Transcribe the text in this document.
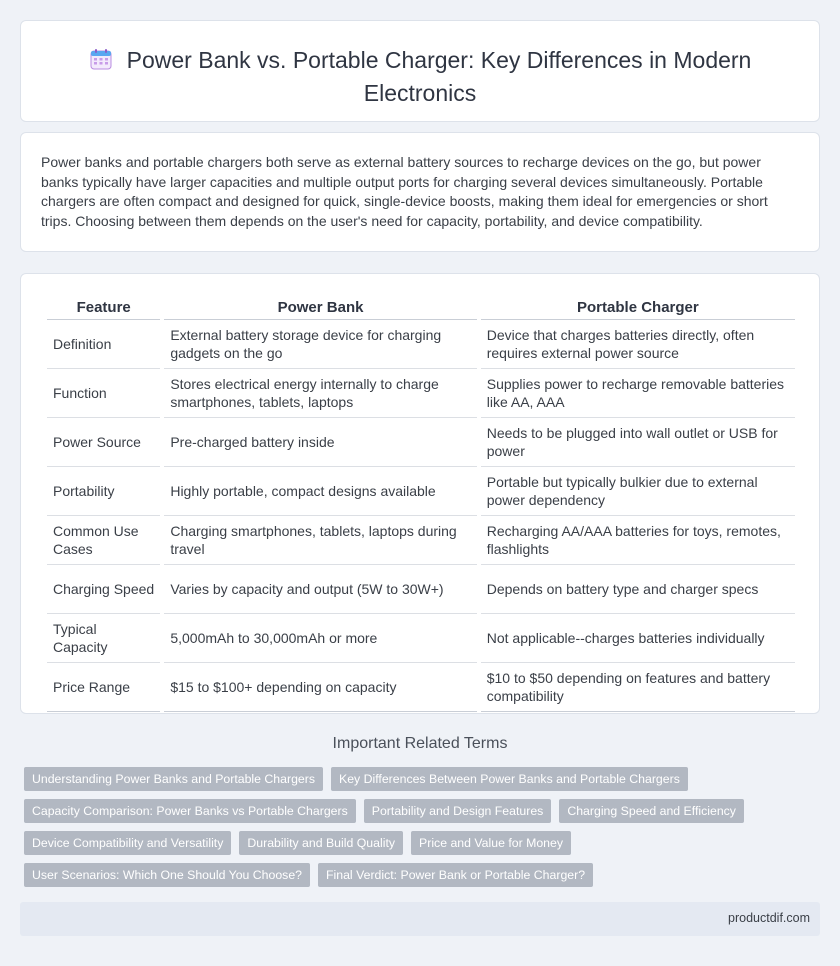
Power Bank vs. Portable Charger: Key Differences in Modern Electronics

Power banks and portable chargers both serve as external battery sources to recharge devices on the go, but power banks typically have larger capacities and multiple output ports for charging several devices simultaneously. Portable chargers are often compact and designed for quick, single-device boosts, making them ideal for emergencies or short trips. Choosing between them depends on the user's need for capacity, portability, and device compatibility.

Feature	Power Bank	Portable Charger
Definition	External battery storage device for charging gadgets on the go	Device that charges batteries directly, often requires external power source
Function	Stores electrical energy internally to charge smartphones, tablets, laptops	Supplies power to recharge removable batteries like AA, AAA
Power Source	Pre-charged battery inside	Needs to be plugged into wall outlet or USB for power
Portability	Highly portable, compact designs available	Portable but typically bulkier due to external power dependency
Common Use Cases	Charging smartphones, tablets, laptops during travel	Recharging AA/AAA batteries for toys, remotes, flashlights
Charging Speed	Varies by capacity and output (5W to 30W+)	Depends on battery type and charger specs
Typical Capacity	5,000mAh to 30,000mAh or more	Not applicable--charges batteries individually
Price Range	$15 to $100+ depending on capacity	$10 to $50 depending on features and battery compatibility
Important Related Terms
Understanding Power Banks and Portable Chargers	Key Differences Between Power Banks and Portable Chargers
Capacity Comparison: Power Banks vs Portable Chargers	Portability and Design Features	Charging Speed and Efficiency
Device Compatibility and Versatility	Durability and Build Quality	Price and Value for Money
User Scenarios: Which One Should You Choose?	Final Verdict: Power Bank or Portable Charger?
productdif.com
